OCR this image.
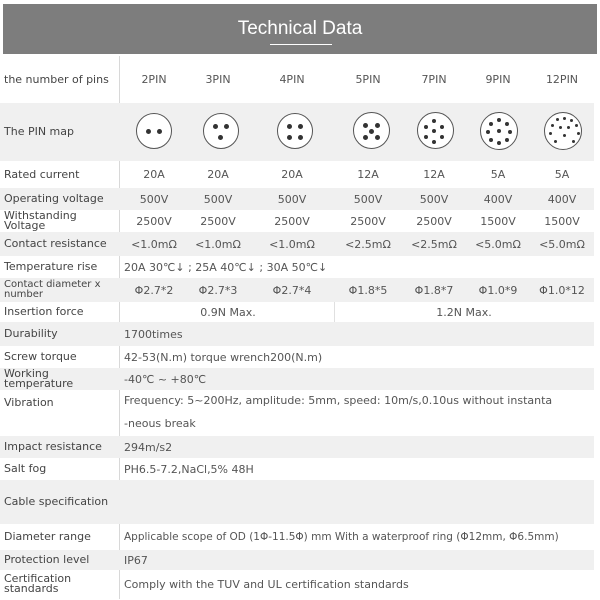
Technical Data
the number of pins	2PIN	3PIN	4PIN	5PIN	7PIN	9PIN	12PIN
The PIN map
Rated current	20A	20A	20A	12A	12A	5A	5A
Operating voltage	500V	500V	500V	500V	500V	400V	400V
Withstanding Voltage	2500V	2500V	2500V	2500V	2500V	1500V	1500V
Contact resistance	<1.0mΩ	<1.0mΩ	<1.0mΩ	<2.5mΩ	<2.5mΩ	<5.0mΩ	<5.0mΩ
Temperature rise	20A 30℃↓ ; 25A 40℃↓ ; 30A 50℃↓
Contact diameter x number	Φ2.7*2	Φ2.7*3	Φ2.7*4	Φ1.8*5	Φ1.8*7	Φ1.0*9	Φ1.0*12
Insertion force	0.9N Max.	1.2N Max.
Durability	1700times
Screw torque	42-53(N.m) torque wrench200(N.m)
Working temperature	-40℃ ~ +80℃
Vibration	Frequency: 5~200Hz, amplitude: 5mm, speed: 10m/s,0.10us without instanta
-neous break
Impact resistance	294m/s2
Salt fog	PH6.5-7.2,NaCl,5% 48H
Cable specification
Diameter range	Applicable scope of OD (1Φ-11.5Φ) mm With a waterproof ring (Φ12mm, Φ6.5mm)
Protection level	IP67
Certification standards	Comply with the TUV and UL certification standards
